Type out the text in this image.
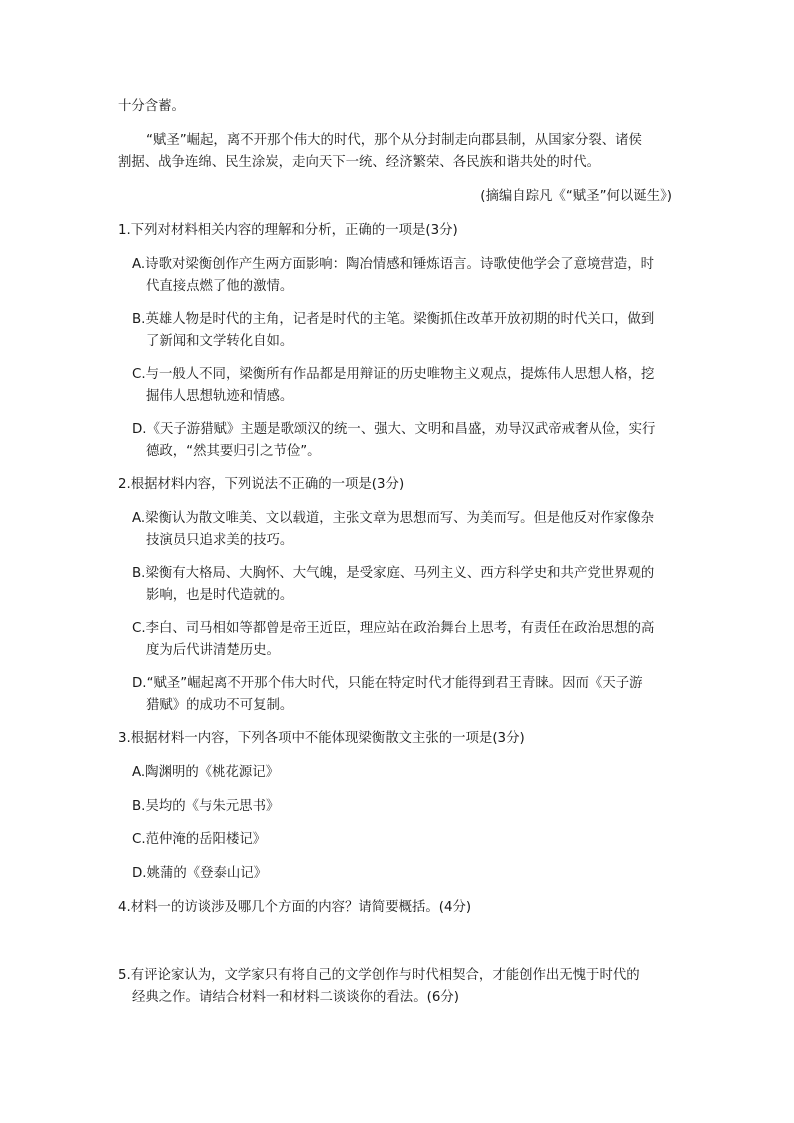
十分含蓄。
“赋圣”崛起，离不开那个伟大的时代，那个从分封制走向郡县制，从国家分裂、诸侯
割据、战争连绵、民生涂炭，走向天下一统、经济繁荣、各民族和谐共处的时代。
(摘编自踪凡《“赋圣”何以诞生》)
1.下列对材料相关内容的理解和分析，正确的一项是(3分)
A.诗歌对梁衡创作产生两方面影响：陶冶情感和锤炼语言。诗歌使他学会了意境营造，时
代直接点燃了他的激情。
B.英雄人物是时代的主角，记者是时代的主笔。梁衡抓住改革开放初期的时代关口，做到
了新闻和文学转化自如。
C.与一般人不同，梁衡所有作品都是用辩证的历史唯物主义观点，提炼伟人思想人格，挖
掘伟人思想轨迹和情感。
D.《天子游猎赋》主题是歌颂汉的统一、强大、文明和昌盛，劝导汉武帝戒奢从俭，实行
德政，“然其要归引之节俭”。
2.根据材料内容，下列说法不正确的一项是(3分)
A.梁衡认为散文唯美、文以载道，主张文章为思想而写、为美而写。但是他反对作家像杂
技演员只追求美的技巧。
B.梁衡有大格局、大胸怀、大气魄，是受家庭、马列主义、西方科学史和共产党世界观的
影响，也是时代造就的。
C.李白、司马相如等都曾是帝王近臣，理应站在政治舞台上思考，有责任在政治思想的高
度为后代讲清楚历史。
D.“赋圣”崛起离不开那个伟大时代，只能在特定时代才能得到君王青睐。因而《天子游
猎赋》的成功不可复制。
3.根据材料一内容，下列各项中不能体现梁衡散文主张的一项是(3分)
A.陶渊明的《桃花源记》
B.吴均的《与朱元思书》
C.范仲淹的岳阳楼记》
D.姚蒲的《登泰山记》
4.材料一的访谈涉及哪几个方面的内容？请简要概括。(4分)
5.有评论家认为，文学家只有将自己的文学创作与时代相契合，才能创作出无愧于时代的
经典之作。请结合材料一和材料二谈谈你的看法。(6分)
